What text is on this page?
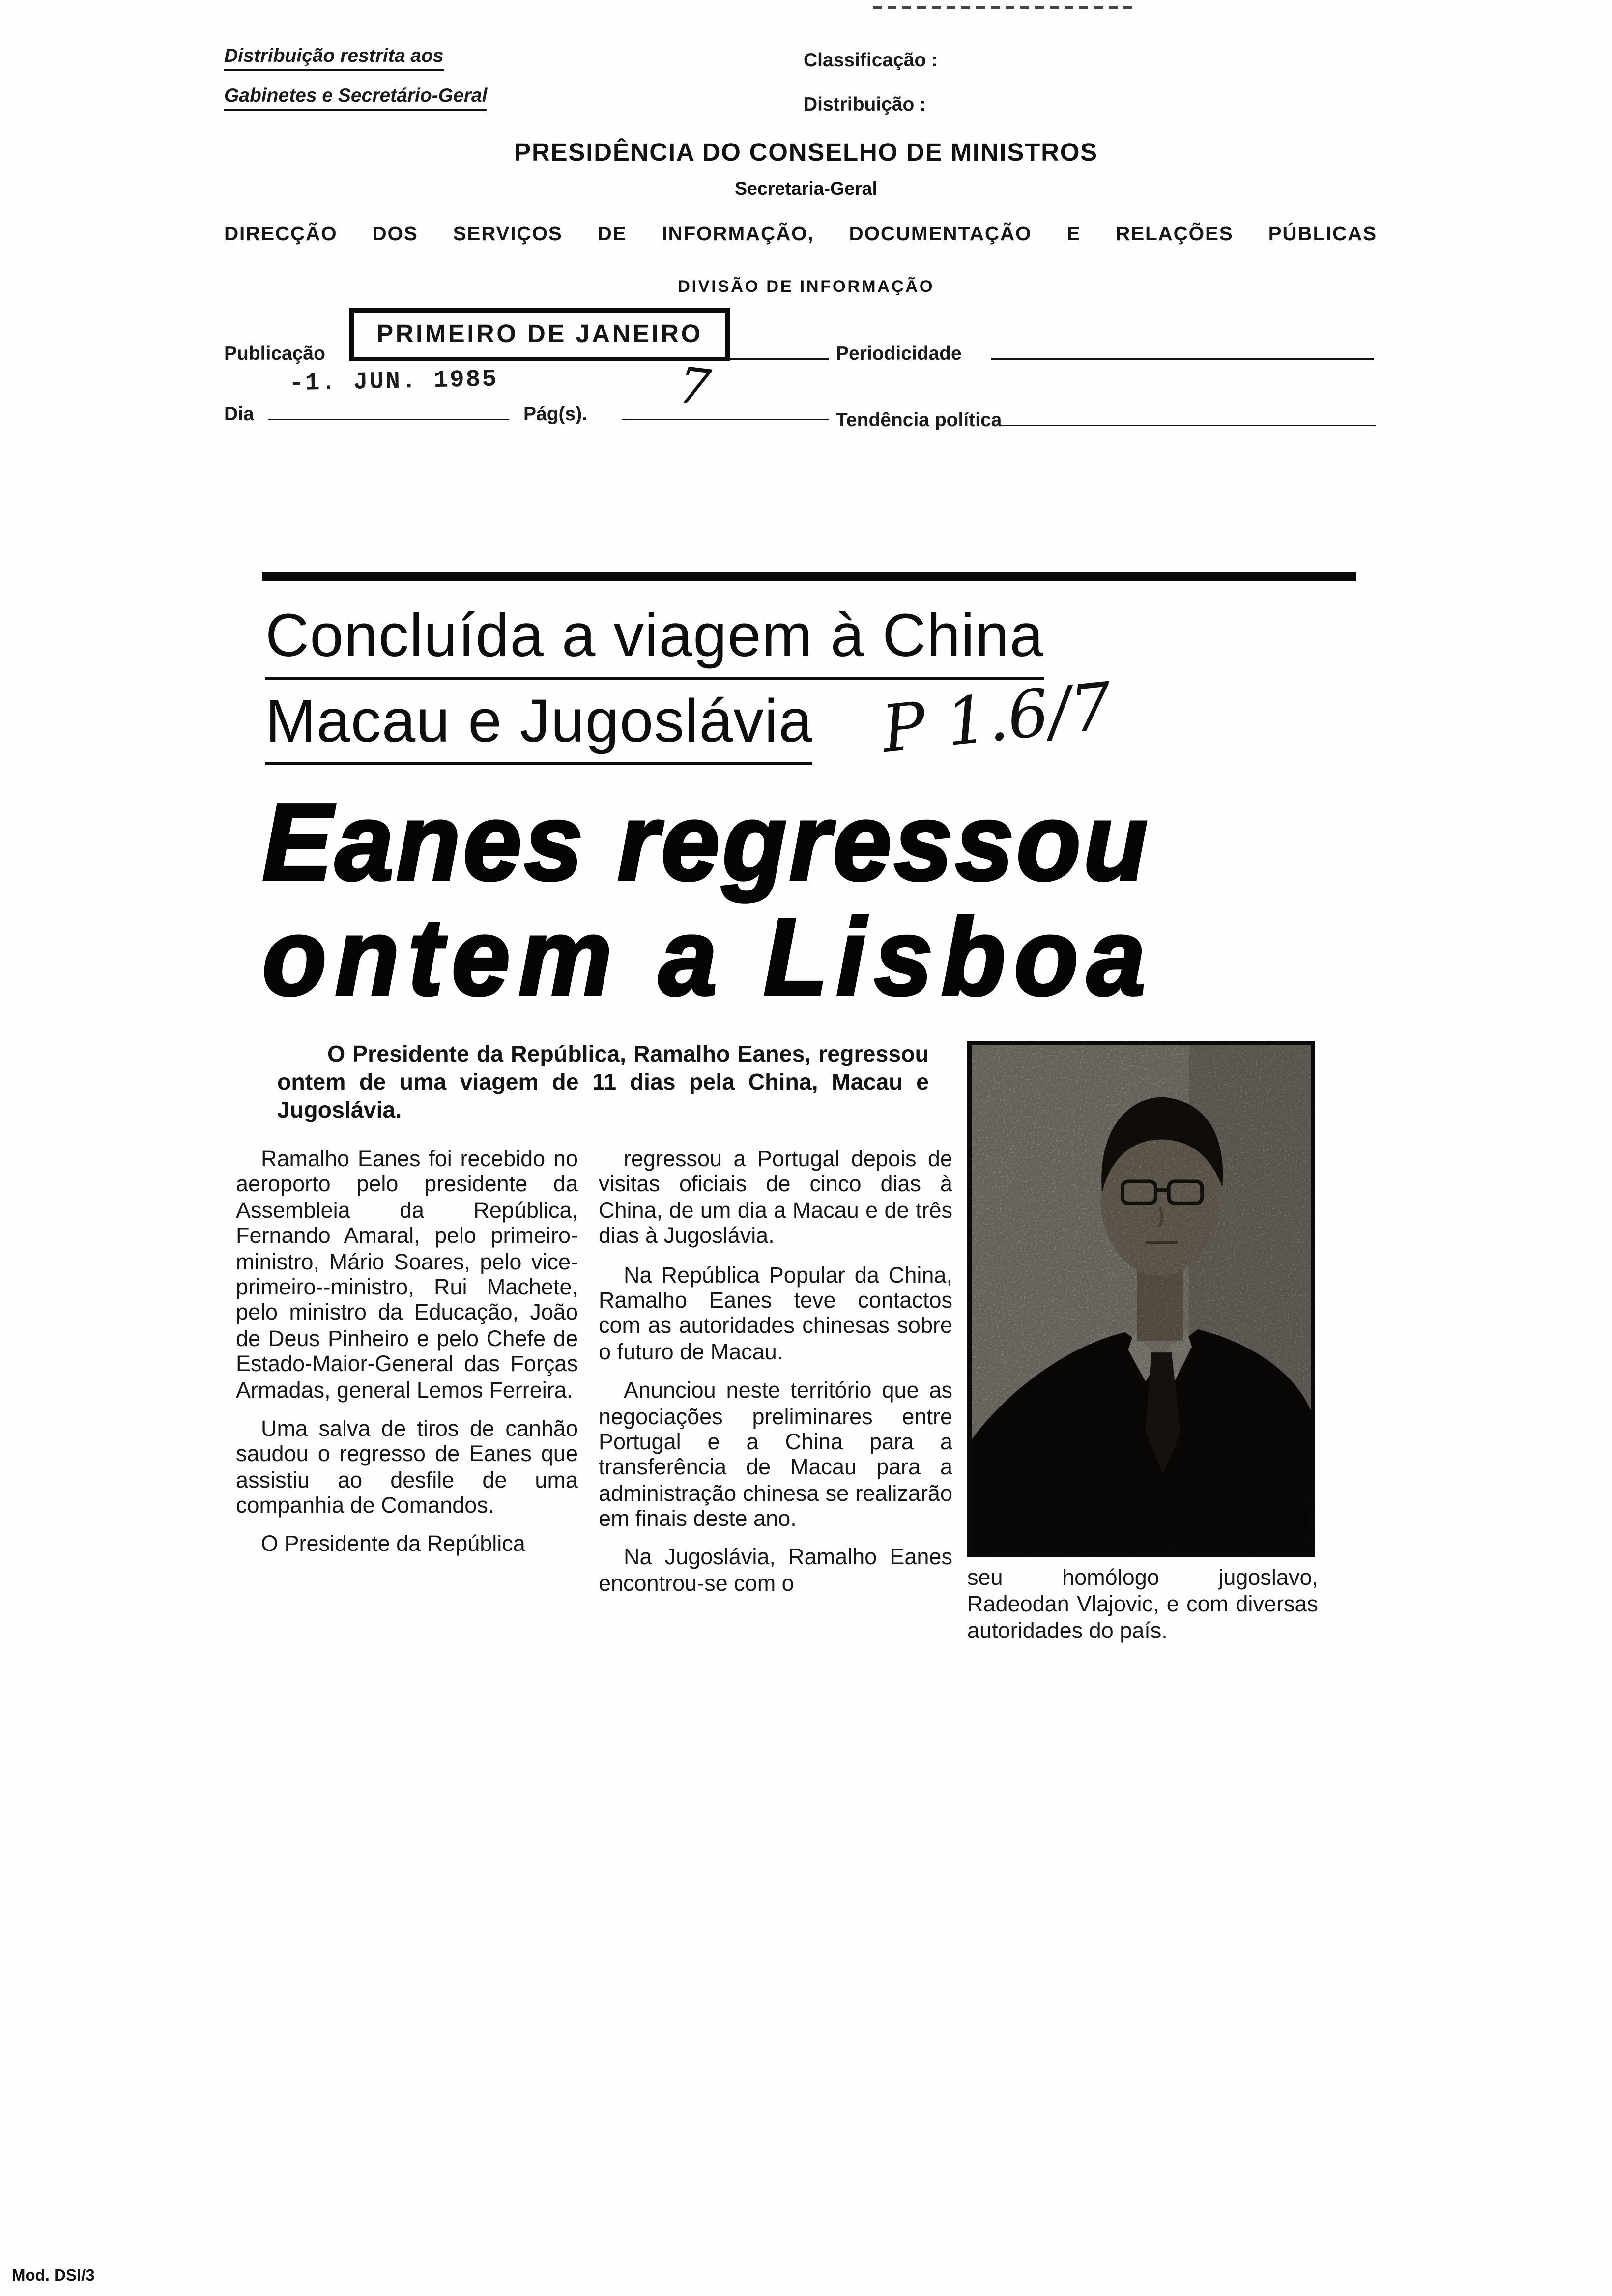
Distribuição restrita aos
Gabinetes e Secretário-Geral
Classificação :
Distribuição :
PRESIDÊNCIA DO CONSELHO DE MINISTROS
Secretaria-Geral
DIRECÇÃO DOS SERVIÇOS DE INFORMAÇÃO, DOCUMENTAÇÃO E RELAÇÕES PÚBLICAS
DIVISÃO DE INFORMAÇÃO
Publicação
PRIMEIRO DE JANEIRO
Periodicidade
-1. JUN. 1985
Dia	Pág(s).	7
Tendência política
Concluída a viagem à China
Macau e Jugoslávia	P 1.6/7
Eanes regressou
ontem a Lisboa
O Presidente da República, Ramalho Eanes, regressou ontem de uma viagem de 11 dias pela China, Macau e Jugoslávia.

Ramalho Eanes foi recebido no aeroporto pelo presidente da Assembleia da República, Fernando Amaral, pelo primeiro-ministro, Mário Soares, pelo vice-primeiro--ministro, Rui Machete, pelo ministro da Educação, João de Deus Pinheiro e pelo Chefe de Estado-Maior-General das Forças Armadas, general Lemos Ferreira.

Uma salva de tiros de canhão saudou o regresso de Eanes que assistiu ao desfile de uma companhia de Comandos.

O Presidente da República

regressou a Portugal depois de visitas oficiais de cinco dias à China, de um dia a Macau e de três dias à Jugoslávia.

Na República Popular da China, Ramalho Eanes teve contactos com as autoridades chinesas sobre o futuro de Macau.

Anunciou neste território que as negociações preliminares entre Portugal e a China para a transferência de Macau para a administração chinesa se realizarão em finais deste ano.

Na Jugoslávia, Ramalho Eanes encontrou-se com o	seu homólogo jugoslavo, Radeodan Vlajovic, e com diversas autoridades do país.
Mod. DSI/3
